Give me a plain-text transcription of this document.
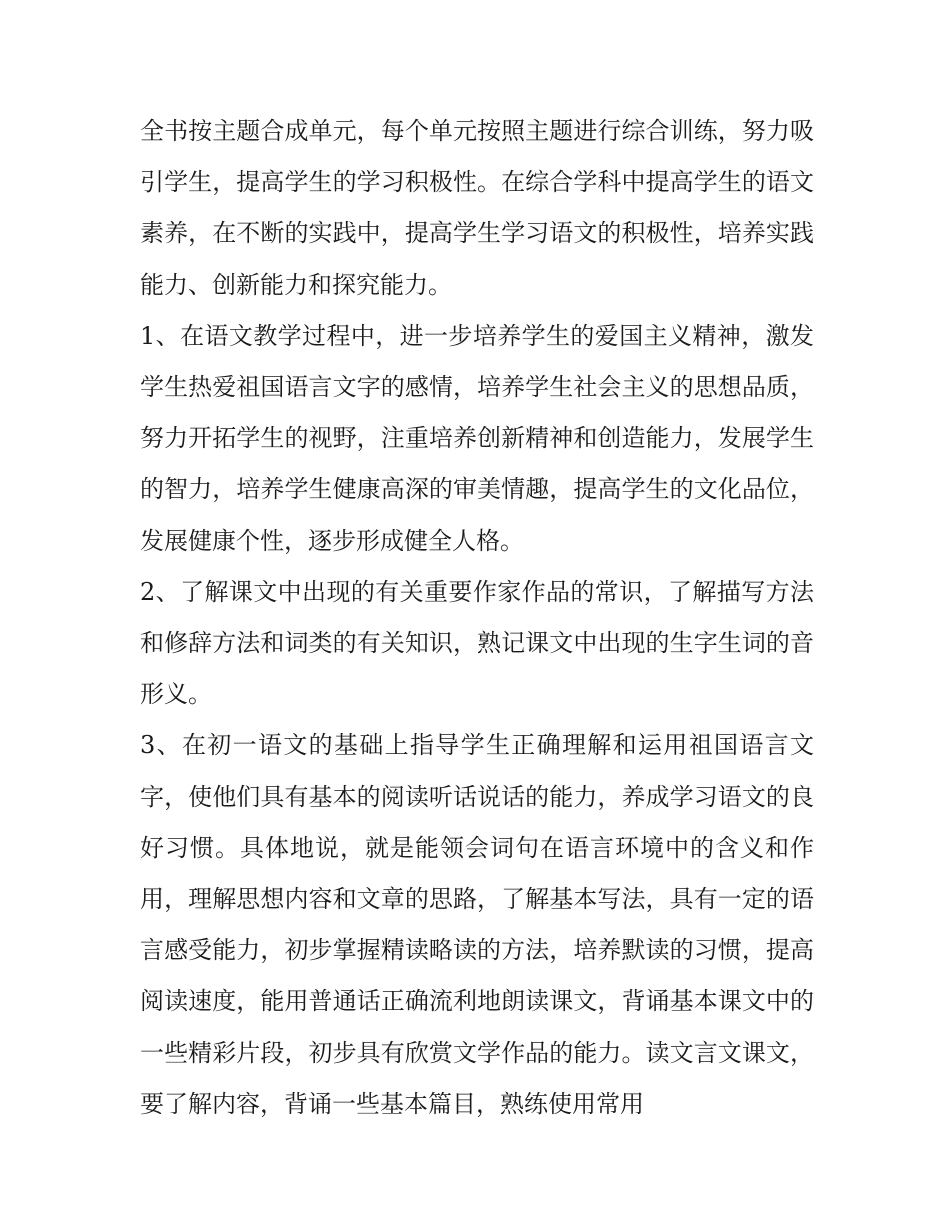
全书按主题合成单元，每个单元按照主题进行综合训练，努力吸引学生，提高学生的学习积极性。在综合学科中提高学生的语文素养，在不断的实践中，提高学生学习语文的积极性，培养实践能力、创新能力和探究能力。

1、在语文教学过程中，进一步培养学生的爱国主义精神，激发学生热爱祖国语言文字的感情，培养学生社会主义的思想品质，努力开拓学生的视野，注重培养创新精神和创造能力，发展学生的智力，培养学生健康高深的审美情趣，提高学生的文化品位，发展健康个性，逐步形成健全人格。

2、了解课文中出现的有关重要作家作品的常识，了解描写方法和修辞方法和词类的有关知识，熟记课文中出现的生字生词的音形义。

3、在初一语文的基础上指导学生正确理解和运用祖国语言文字，使他们具有基本的阅读听话说话的能力，养成学习语文的良好习惯。具体地说，就是能领会词句在语言环境中的含义和作用，理解思想内容和文章的思路，了解基本写法，具有一定的语言感受能力，初步掌握精读略读的方法，培养默读的习惯，提高阅读速度，能用普通话正确流利地朗读课文，背诵基本课文中的一些精彩片段，初步具有欣赏文学作品的能力。读文言文课文，要了解内容，背诵一些基本篇目，熟练使用常用
